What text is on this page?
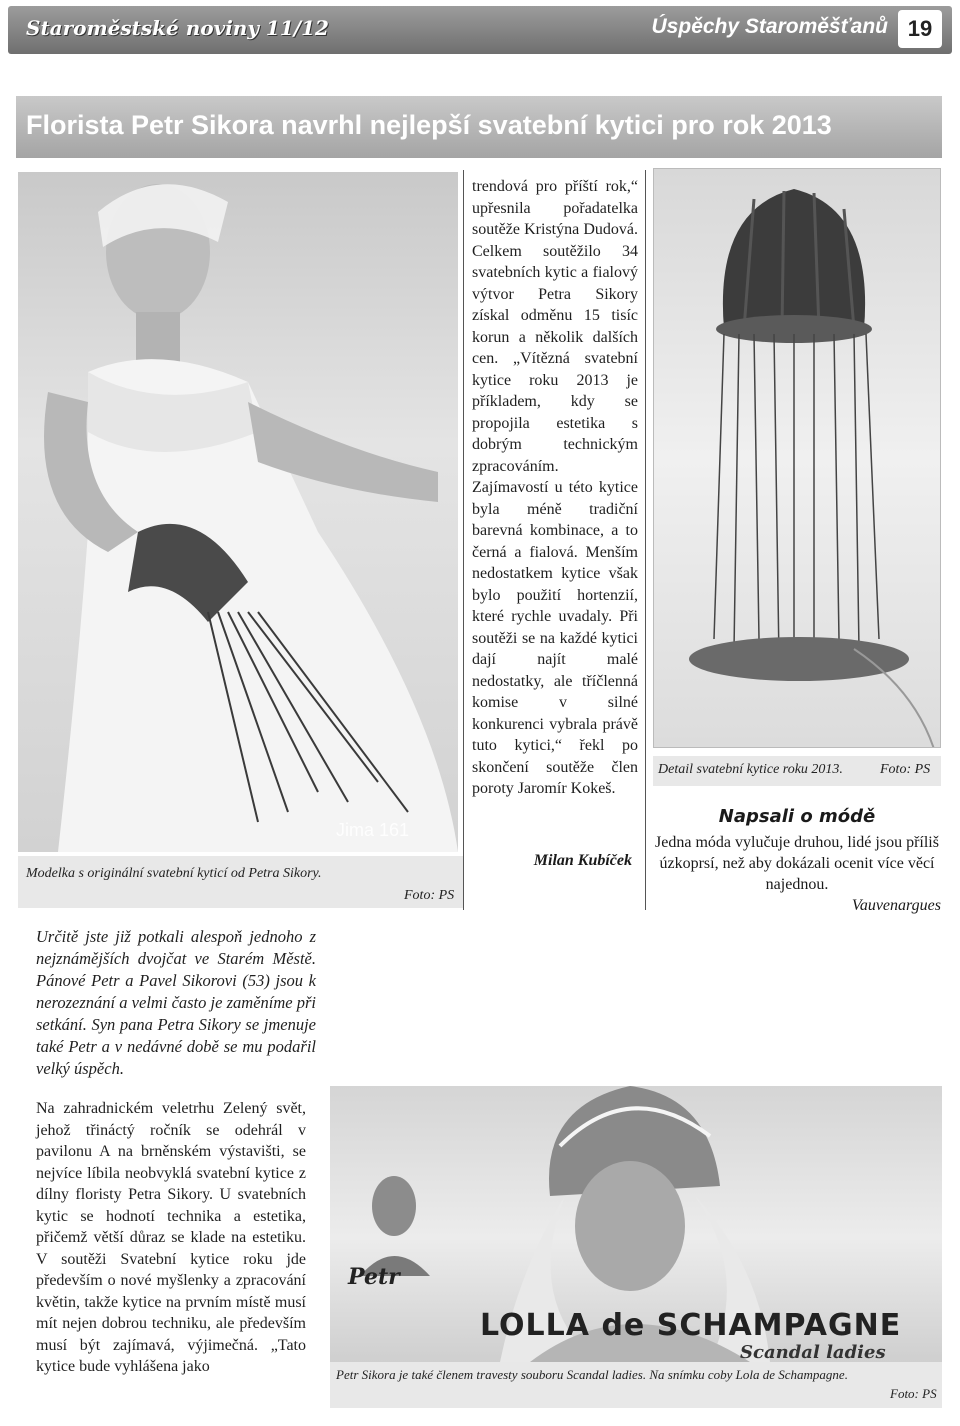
Staroměstské noviny 11/12	Úspěchy Staroměšťanů 19
Florista Petr Sikora navrhl nejlepší svatební kytici pro rok 2013
Jima 161
Modelka s originální svatební kyticí od Petra Sikory.
Foto: PS
trendová pro příští rok,“ upřesnila pořadatelka soutěže Kristýna Dudová. Celkem soutěžilo 34 svatebních kytic a fialový výtvor Petra Sikory získal odměnu 15 tisíc korun a několik dalších cen. „Vítězná svatební kytice roku 2013 je příkladem, kdy se propojila estetika s dobrým technickým zpracováním. Zajímavostí u této kytice byla méně tradiční barevná kombinace, a to černá a fialová. Menším nedostatkem kytice však bylo použití hortenzií, které rychle uvadaly. Při soutěži se na každé kytici dají najít malé nedostatky, ale tříčlenná komise v silné konkurenci vybrala právě tuto kytici,“ řekl po skončení soutěže člen poroty Jaromír Kokeš.
Milan Kubíček
Detail svatební kytice roku 2013.	Foto: PS
Napsali o módě
Jedna móda vylučuje druhou, lidé jsou příliš úzkoprsí, než aby dokázali ocenit více věcí najednou.
Vauvenargues
Určitě jste již potkali alespoň jednoho z nejznámějších dvojčat ve Starém Městě. Pánové Petr a Pavel Sikorovi (53) jsou k nerozeznání a velmi často je zaměníme při setkání. Syn pana Petra Sikory se jmenuje také Petr a v nedávné době se mu podařil velký úspěch.
Na zahradnickém veletrhu Zelený svět, jehož třináctý ročník se odehrál v pavilonu A na brněnském výstavišti, se nejvíce líbila neobvyklá svatební kytice z dílny floristy Petra Sikory. U svatebních kytic se hodnotí technika a estetika, přičemž větší důraz se klade na estetiku. V soutěži Svatební kytice roku jde především o nové myšlenky a zpracování květin, takže kytice na prvním místě musí mít nejen dobrou techniku, ale především musí být zajímavá, výjimečná. „Tato kytice bude vyhlášena jako
Petr
LOLLA de SCHAMPAGNE
Scandal ladies
Petr Sikora je také členem travesty souboru Scandal ladies. Na snímku coby Lola de Schampagne.
Foto: PS
